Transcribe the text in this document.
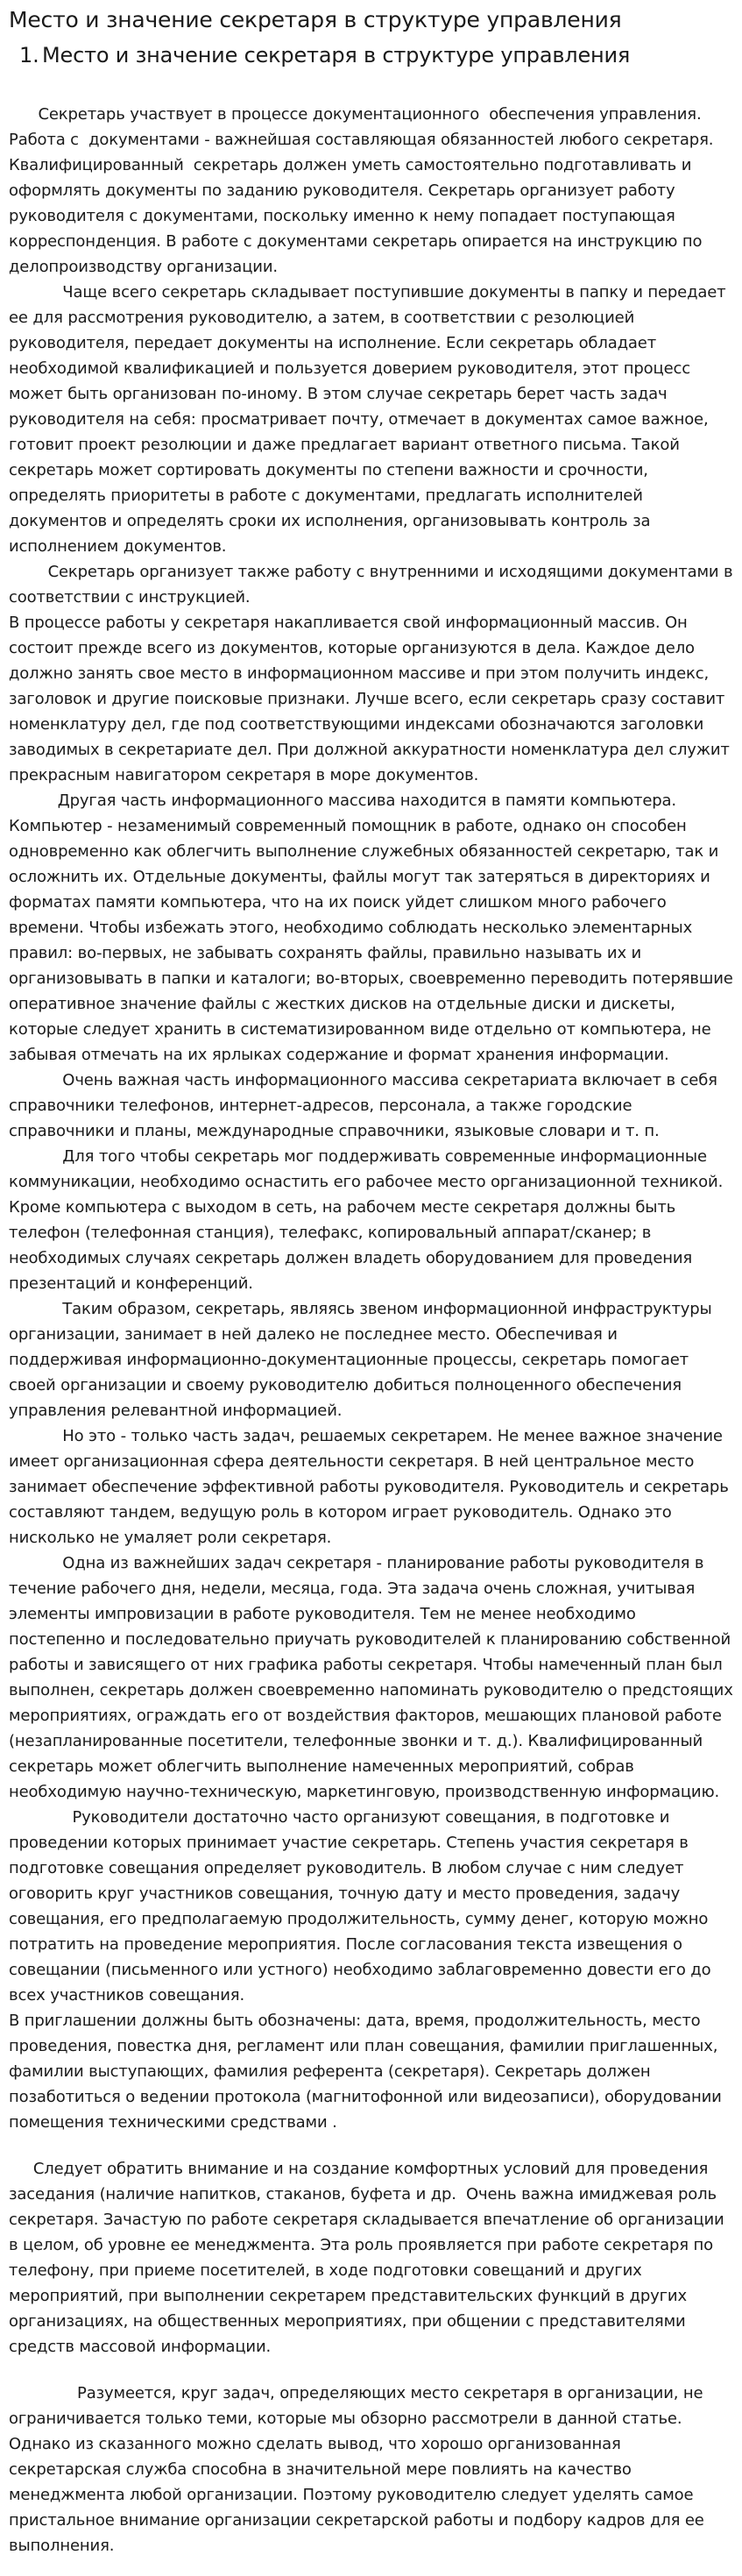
Место и значение секретаря в структуре управления
1. Место и значение секретаря в структуре управления

Секретарь участвует в процессе документационного  обеспечения управления. Работа с  документами - важнейшая составляющая обязанностей любого секретаря. Квалифицированный  секретарь должен уметь самостоятельно подготавливать и оформлять документы по заданию руководителя. Секретарь организует работу руководителя с документами, поскольку именно к нему попадает поступающая корреспонденция. В работе с документами секретарь опирается на инструкцию по делопроизводству организации.

Чаще всего секретарь складывает поступившие документы в папку и передает ее для рассмотрения руководителю, а затем, в соответствии с резолюцией руководителя, передает документы на исполнение. Если секретарь обладает необходимой квалификацией и пользуется доверием руководителя, этот процесс может быть организован по-иному. В этом случае секретарь берет часть задач руководителя на себя: просматривает почту, отмечает в документах самое важное, готовит проект резолюции и даже предлагает вариант ответного письма. Такой секретарь может сортировать документы по степени важности и срочности, определять приоритеты в работе с документами, предлагать исполнителей документов и определять сроки их исполнения, организовывать контроль за исполнением документов.

Секретарь организует также работу с внутренними и исходящими документами в соответствии с инструкцией.

В процессе работы у секретаря накапливается свой информационный массив. Он состоит прежде всего из документов, которые организуются в дела. Каждое дело должно занять свое место в информационном массиве и при этом получить индекс, заголовок и другие поисковые признаки. Лучше всего, если секретарь сразу составит номенклатуру дел, где под соответствующими индексами обозначаются заголовки заводимых в секретариате дел. При должной аккуратности номенклатура дел служит прекрасным навигатором секретаря в море документов.

Другая часть информационного массива находится в памяти компьютера. Компьютер - незаменимый современный помощник в работе, однако он способен одновременно как облегчить выполнение служебных обязанностей секретарю, так и осложнить их. Отдельные документы, файлы могут так затеряться в директориях и форматах памяти компьютера, что на их поиск уйдет слишком много рабочего времени. Чтобы избежать этого, необходимо соблюдать несколько элементарных правил: во-первых, не забывать сохранять файлы, правильно называть их и организовывать в папки и каталоги; во-вторых, своевременно переводить потерявшие оперативное значение файлы с жестких дисков на отдельные диски и дискеты, которые следует хранить в систематизированном виде отдельно от компьютера, не забывая отмечать на их ярлыках содержание и формат хранения информации.

Очень важная часть информационного массива секретариата включает в себя справочники телефонов, интернет-адресов, персонала, а также городские справочники и планы, международные справочники, языковые словари и т. п.

Для того чтобы секретарь мог поддерживать современные информационные коммуникации, необходимо оснастить его рабочее место организационной техникой. Кроме компьютера с выходом в сеть, на рабочем месте секретаря должны быть телефон (телефонная станция), телефакс, копировальный аппарат/сканер; в необходимых случаях секретарь должен владеть оборудованием для проведения презентаций и конференций.

Таким образом, секретарь, являясь звеном информационной инфраструктуры организации, занимает в ней далеко не последнее место. Обеспечивая и поддерживая информационно-документационные процессы, секретарь помогает своей организации и своему руководителю добиться полноценного обеспечения управления релевантной информацией.

Но это - только часть задач, решаемых секретарем. Не менее важное значение имеет организационная сфера деятельности секретаря. В ней центральное место занимает обеспечение эффективной работы руководителя. Руководитель и секретарь составляют тандем, ведущую роль в котором играет руководитель. Однако это нисколько не умаляет роли секретаря.

Одна из важнейших задач секретаря - планирование работы руководителя в течение рабочего дня, недели, месяца, года. Эта задача очень сложная, учитывая элементы импровизации в работе руководителя. Тем не менее необходимо постепенно и последовательно приучать руководителей к планированию собственной работы и зависящего от них графика работы секретаря. Чтобы намеченный план был выполнен, секретарь должен своевременно напоминать руководителю о предстоящих мероприятиях, ограждать его от воздействия факторов, мешающих плановой работе (незапланированные посетители, телефонные звонки и т. д.). Квалифицированный секретарь может облегчить выполнение намеченных мероприятий, собрав необходимую научно-техническую, маркетинговую, производственную информацию.

Руководители достаточно часто организуют совещания, в подготовке и проведении которых принимает участие секретарь. Степень участия секретаря в подготовке совещания определяет руководитель. В любом случае с ним следует оговорить круг участников совещания, точную дату и место проведения, задачу совещания, его предполагаемую продолжительность, сумму денег, которую можно потратить на проведение мероприятия. После согласования текста извещения о совещании (письменного или устного) необходимо заблаговременно довести его до всех участников совещания.

В приглашении должны быть обозначены: дата, время, продолжительность, место проведения, повестка дня, регламент или план совещания, фамилии приглашенных, фамилии выступающих, фамилия референта (секретаря). Секретарь должен позаботиться о ведении протокола (магнитофонной или видеозаписи), оборудовании помещения техническими средствами .

Следует обратить внимание и на создание комфортных условий для проведения заседания (наличие напитков, стаканов, буфета и др.  Очень важна имиджевая роль секретаря. Зачастую по работе секретаря складывается впечатление об организации в целом, об уровне ее менеджмента. Эта роль проявляется при работе секретаря по телефону, при приеме посетителей, в ходе подготовки совещаний и других мероприятий, при выполнении секретарем представительских функций в других организациях, на общественных мероприятиях, при общении с представителями средств массовой информации.

Разумеется, круг задач, определяющих место секретаря в организации, не ограничивается только теми, которые мы обзорно рассмотрели в данной статье. Однако из сказанного можно сделать вывод, что хорошо организованная секретарская служба способна в значительной мере повлиять на качество менеджмента любой организации. Поэтому руководителю следует уделять самое пристальное внимание организации секретарской работы и подбору кадров для ее выполнения.
